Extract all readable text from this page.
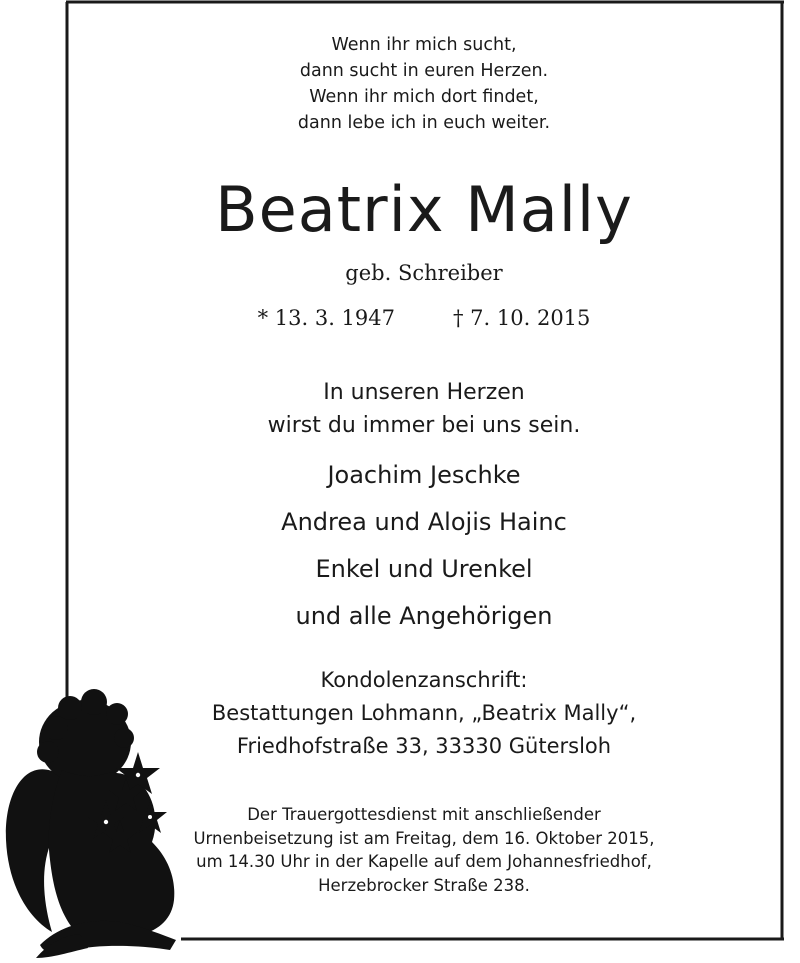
Wenn ihr mich sucht,
dann sucht in euren Herzen.
Wenn ihr mich dort findet,
dann lebe ich in euch weiter.
Beatrix Mally
geb. Schreiber
* 13. 3. 1947	† 7. 10. 2015
In unseren Herzen
wirst du immer bei uns sein.
Joachim Jeschke
Andrea und Alojis Hainc
Enkel und Urenkel
und alle Angehörigen
Kondolenzanschrift:
Bestattungen Lohmann, „Beatrix Mally“,
Friedhofstraße 33, 33330 Gütersloh
Der Trauergottesdienst mit anschließender
Urnenbeisetzung ist am Freitag, dem 16. Oktober 2015,
um 14.30 Uhr in der Kapelle auf dem Johannesfriedhof,
Herzebrocker Straße 238.
